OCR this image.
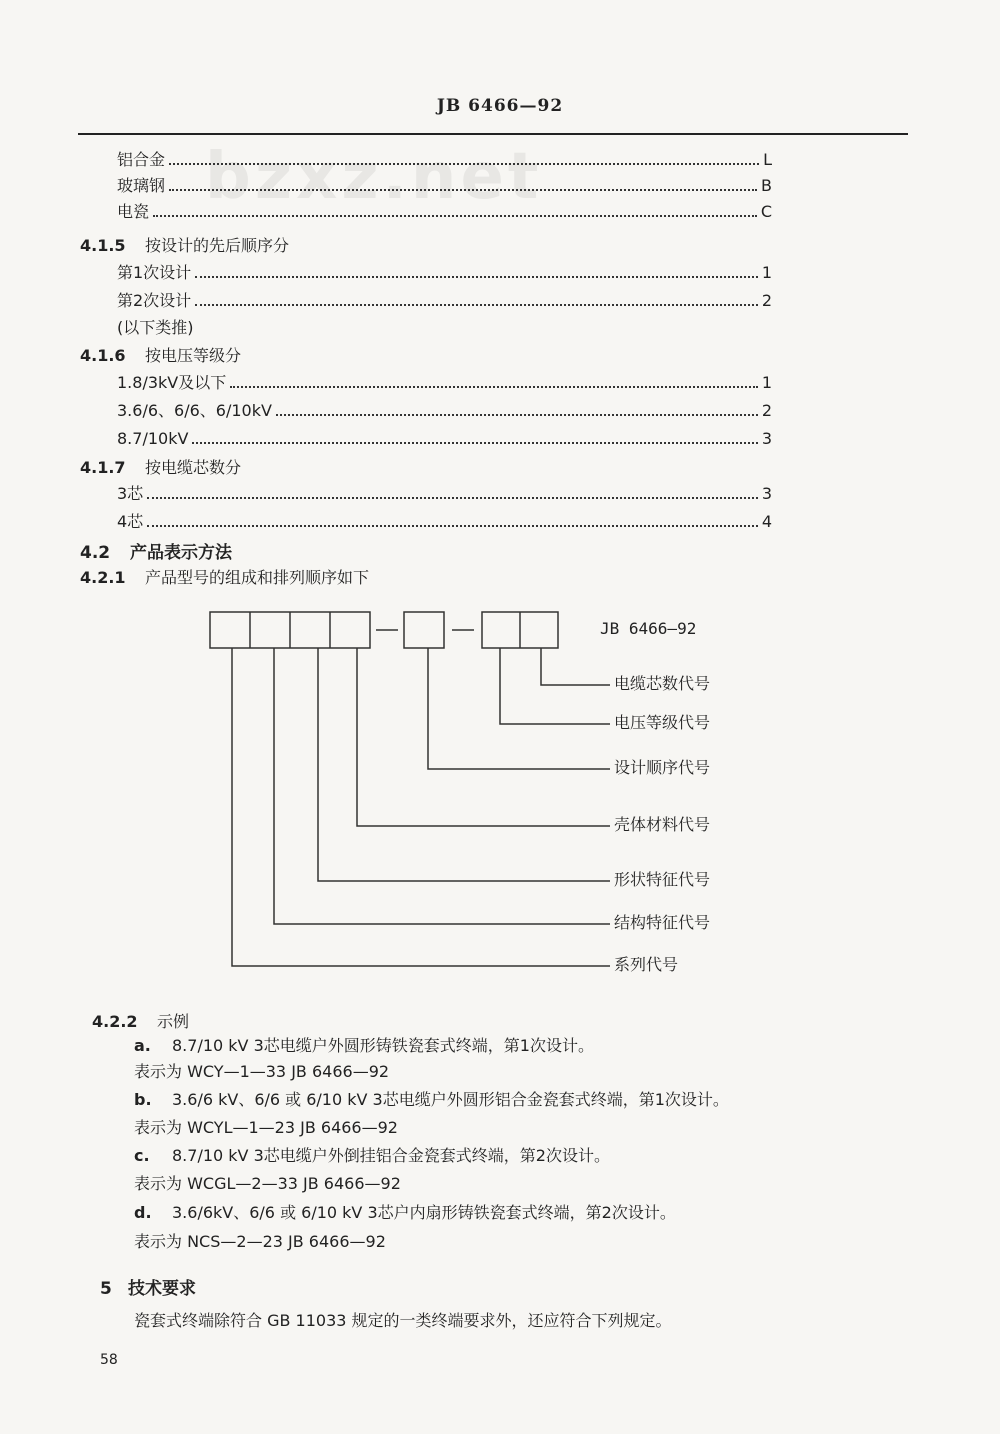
JB 6466—92
bzxz.net
铝合金	L
玻璃钢	B
电瓷	C
4.1.5 按设计的先后顺序分
第1次设计	1
第2次设计	2
(以下类推)
4.1.6 按电压等级分
1.8/3kV及以下	1
3.6/6、6/6、6/10kV	2
8.7/10kV	3
4.1.7 按电缆芯数分
3芯	3
4芯	4
4.2 产品表示方法
4.2.1 产品型号的组成和排列顺序如下
JB 6466—92
电缆芯数代号
电压等级代号
设计顺序代号
壳体材料代号
形状特征代号
结构特征代号
系列代号
4.2.2 示例
a. 8.7/10 kV 3芯电缆户外圆形铸铁瓷套式终端，第1次设计。
表示为 WCY—1—33 JB 6466—92
b. 3.6/6 kV、6/6 或 6/10 kV 3芯电缆户外圆形铝合金瓷套式终端，第1次设计。
表示为 WCYL—1—23 JB 6466—92
c. 8.7/10 kV 3芯电缆户外倒挂铝合金瓷套式终端，第2次设计。
表示为 WCGL—2—33 JB 6466—92
d. 3.6/6kV、6/6 或 6/10 kV 3芯户内扇形铸铁瓷套式终端，第2次设计。
表示为 NCS—2—23 JB 6466—92
5 技术要求
瓷套式终端除符合 GB 11033 规定的一类终端要求外，还应符合下列规定。
58
